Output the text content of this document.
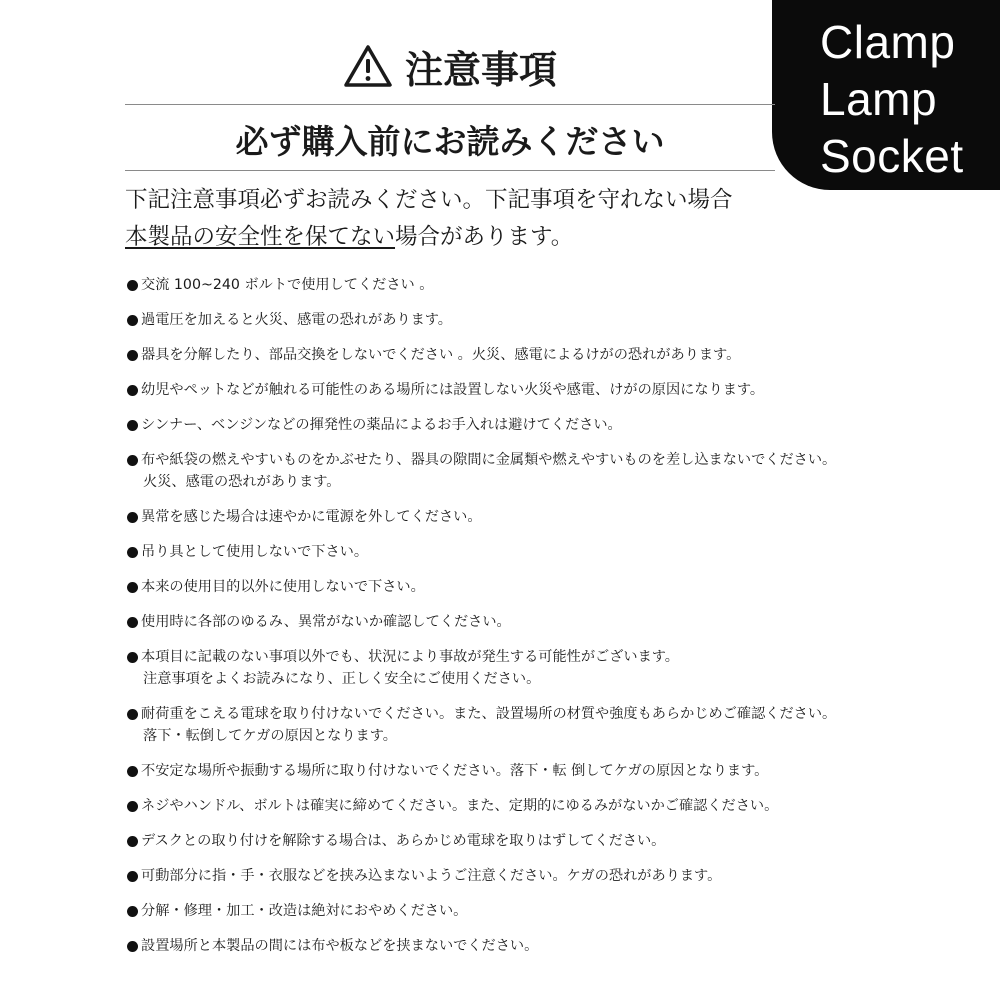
Clamp
Lamp
Socket
注意事項
必ず購入前にお読みください
下記注意事項必ずお読みください。下記事項を守れない場合
本製品の安全性を保てない場合があります。
交流 100~240 ボルトで使用してください 。
過電圧を加えると火災、感電の恐れがあります。
器具を分解したり、部品交換をしないでください 。火災、感電によるけがの恐れがあります。
幼児やペットなどが触れる可能性のある場所には設置しない火災や感電、けがの原因になります。
シンナー、ベンジンなどの揮発性の薬品によるお手入れは避けてください。
布や紙袋の燃えやすいものをかぶせたり、器具の隙間に金属類や燃えやすいものを差し込まないでください。
火災、感電の恐れがあります。
異常を感じた場合は速やかに電源を外してください。
吊り具として使用しないで下さい。
本来の使用目的以外に使用しないで下さい。
使用時に各部のゆるみ、異常がないか確認してください。
本項目に記載のない事項以外でも、状況により事故が発生する可能性がございます。
注意事項をよくお読みになり、正しく安全にご使用ください。
耐荷重をこえる電球を取り付けないでください。また、設置場所の材質や強度もあらかじめご確認ください。
落下・転倒してケガの原因となります。
不安定な場所や振動する場所に取り付けないでください。落下・転 倒してケガの原因となります。
ネジやハンドル、ボルトは確実に締めてください。また、定期的にゆるみがないかご確認ください。
デスクとの取り付けを解除する場合は、あらかじめ電球を取りはずしてください。
可動部分に指・手・衣服などを挟み込まないようご注意ください。ケガの恐れがあります。
分解・修理・加工・改造は絶対におやめください。
設置場所と本製品の間には布や板などを挟まないでください。
